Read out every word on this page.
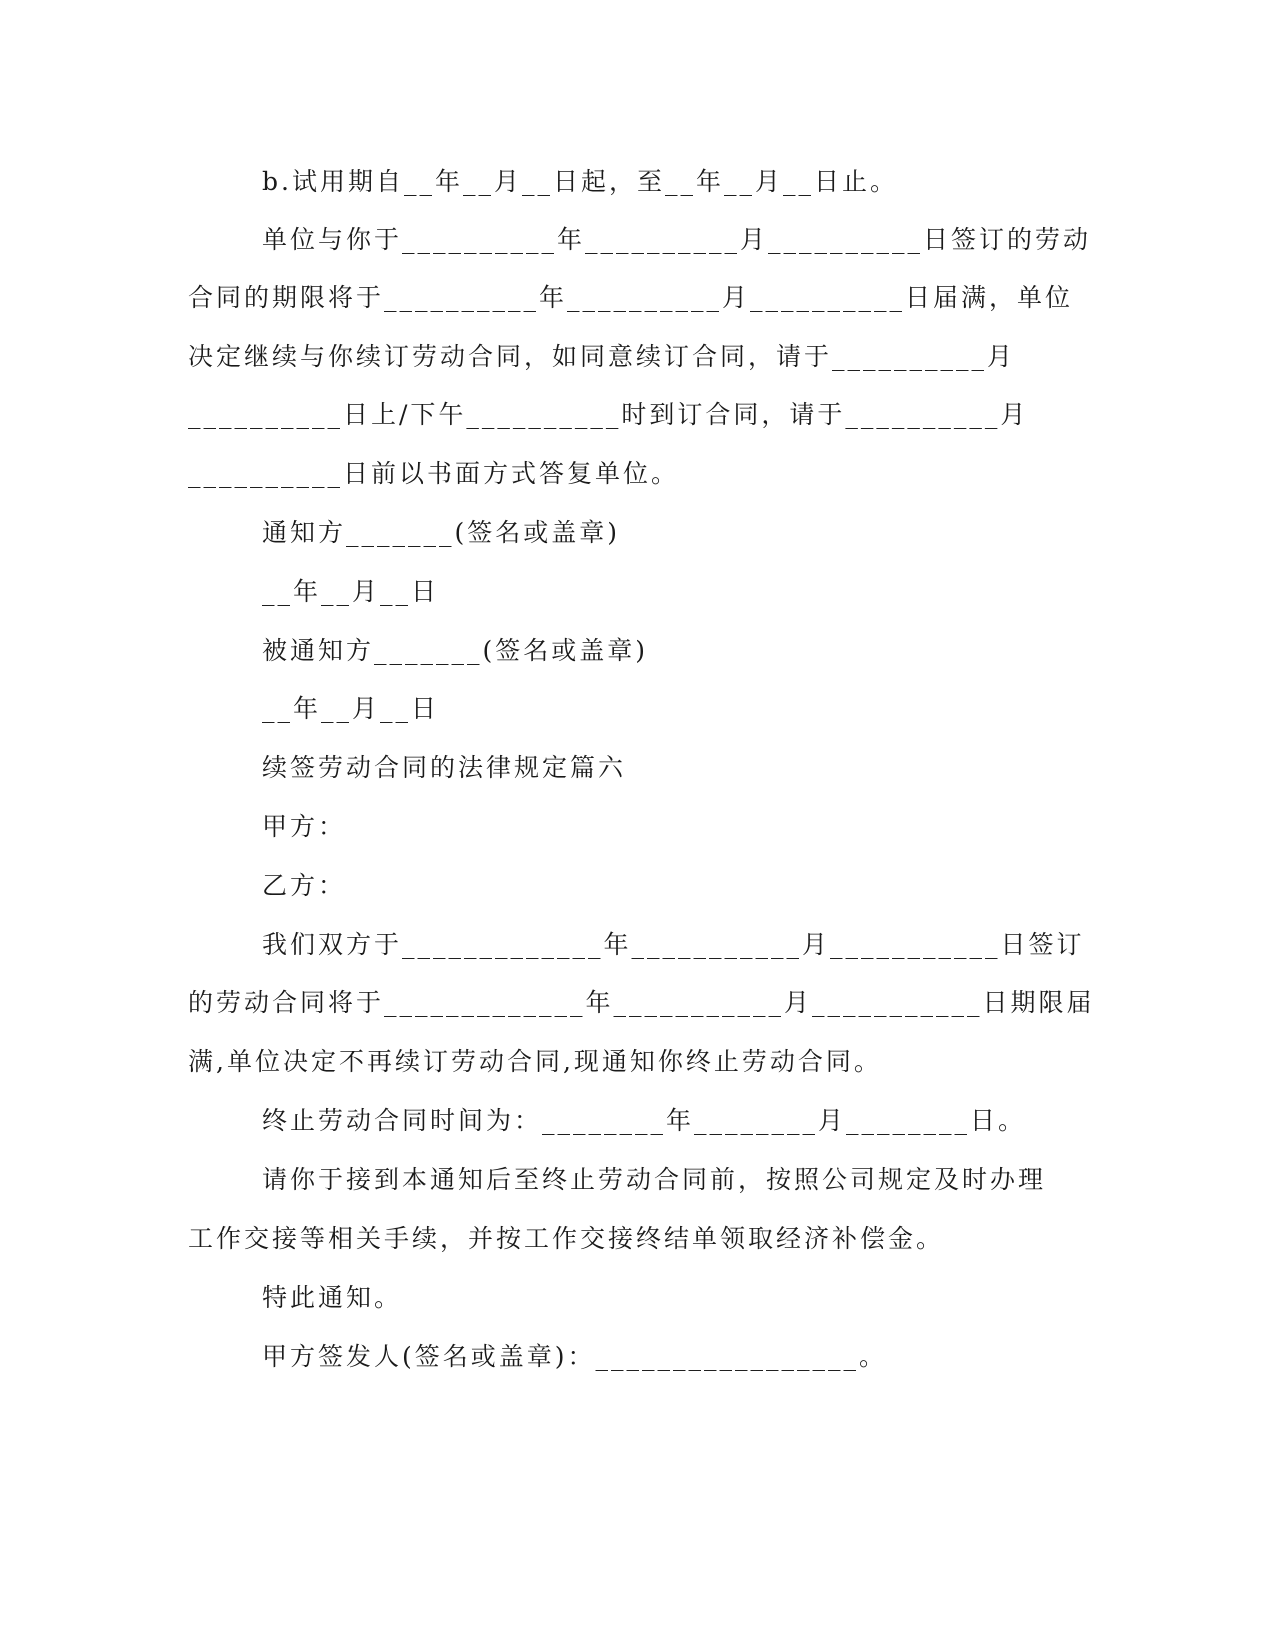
b.试用期自__年__月__日起，至__年__月__日止。
单位与你于__________年__________月__________日签订的劳动
合同的期限将于__________年__________月__________日届满，单位
决定继续与你续订劳动合同，如同意续订合同，请于__________月
__________日上/下午__________时到订合同，请于__________月
__________日前以书面方式答复单位。
通知方_______(签名或盖章)
__年__月__日
被通知方_______(签名或盖章)
__年__月__日
续签劳动合同的法律规定篇六
甲方：
乙方：
我们双方于_____________年___________月___________日签订
的劳动合同将于_____________年___________月___________日期限届
满,单位决定不再续订劳动合同,现通知你终止劳动合同。
终止劳动合同时间为：________年________月________日。
请你于接到本通知后至终止劳动合同前，按照公司规定及时办理
工作交接等相关手续，并按工作交接终结单领取经济补偿金。
特此通知。
甲方签发人(签名或盖章)：_________________。
